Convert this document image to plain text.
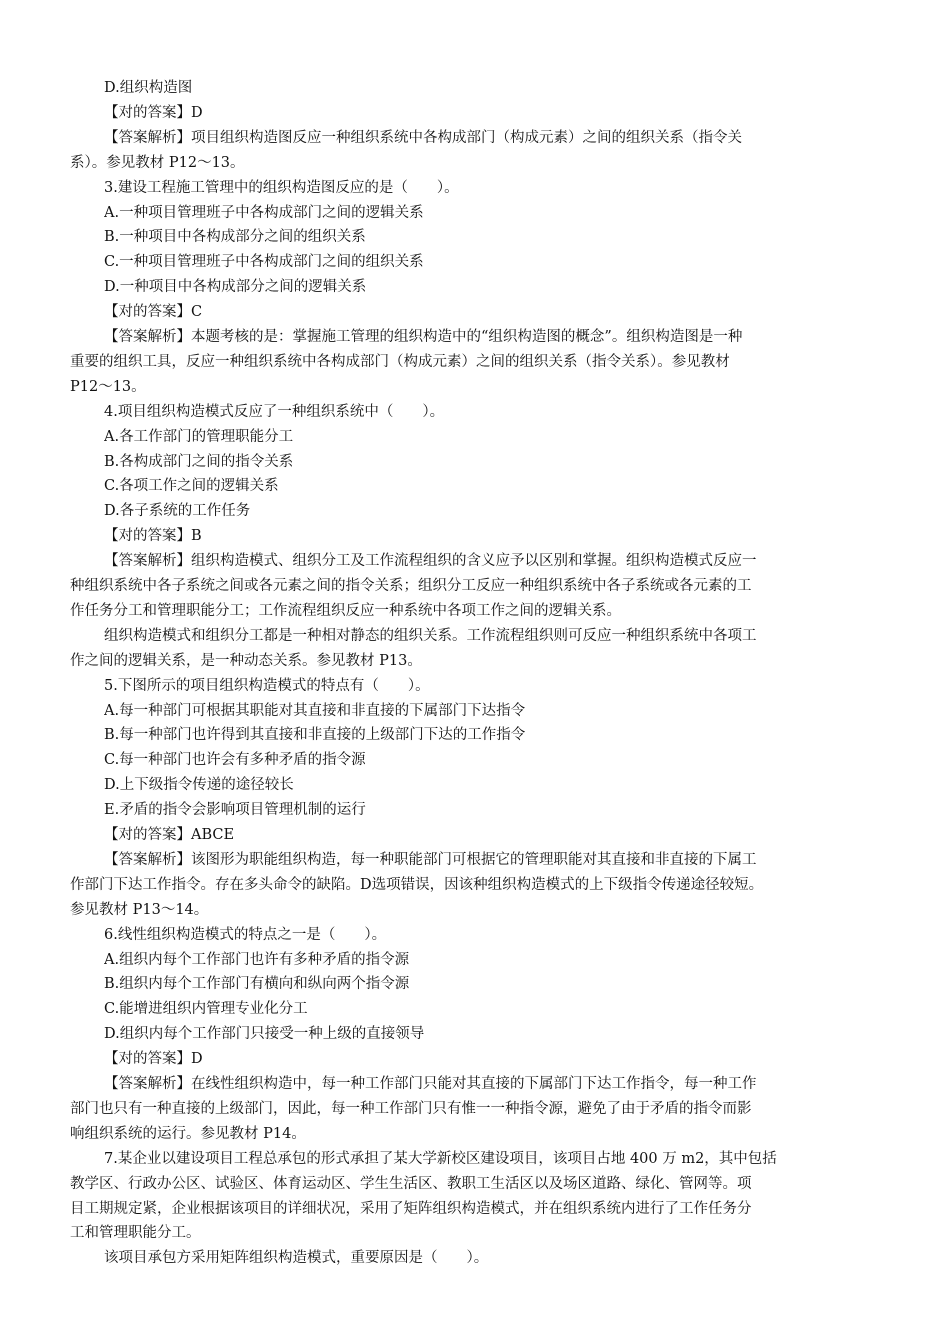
D.组织构造图
【对的答案】D
【答案解析】项目组织构造图反应一种组织系统中各构成部门（构成元素）之间的组织关系（指令关
系）。参见教材 P12～13。
3.建设工程施工管理中的组织构造图反应的是（　　）。
A.一种项目管理班子中各构成部门之间的逻辑关系
B.一种项目中各构成部分之间的组织关系
C.一种项目管理班子中各构成部门之间的组织关系
D.一种项目中各构成部分之间的逻辑关系
【对的答案】C
【答案解析】本题考核的是：掌握施工管理的组织构造中的“组织构造图的概念”。组织构造图是一种
重要的组织工具，反应一种组织系统中各构成部门（构成元素）之间的组织关系（指令关系）。参见教材
P12～13。
4.项目组织构造模式反应了一种组织系统中（　　）。
A.各工作部门的管理职能分工
B.各构成部门之间的指令关系
C.各项工作之间的逻辑关系
D.各子系统的工作任务
【对的答案】B
【答案解析】组织构造模式、组织分工及工作流程组织的含义应予以区别和掌握。组织构造模式反应一
种组织系统中各子系统之间或各元素之间的指令关系；组织分工反应一种组织系统中各子系统或各元素的工
作任务分工和管理职能分工；工作流程组织反应一种系统中各项工作之间的逻辑关系。
组织构造模式和组织分工都是一种相对静态的组织关系。工作流程组织则可反应一种组织系统中各项工
作之间的逻辑关系，是一种动态关系。参见教材 P13。
5.下图所示的项目组织构造模式的特点有（　　）。
A.每一种部门可根据其职能对其直接和非直接的下属部门下达指令
B.每一种部门也许得到其直接和非直接的上级部门下达的工作指令
C.每一种部门也许会有多种矛盾的指令源
D.上下级指令传递的途径较长
E.矛盾的指令会影响项目管理机制的运行
【对的答案】ABCE
【答案解析】该图形为职能组织构造，每一种职能部门可根据它的管理职能对其直接和非直接的下属工
作部门下达工作指令。存在多头命令的缺陷。D选项错误，因该种组织构造模式的上下级指令传递途径较短。
参见教材 P13～14。
6.线性组织构造模式的特点之一是（　　）。
A.组织内每个工作部门也许有多种矛盾的指令源
B.组织内每个工作部门有横向和纵向两个指令源
C.能增进组织内管理专业化分工
D.组织内每个工作部门只接受一种上级的直接领导
【对的答案】D
【答案解析】在线性组织构造中，每一种工作部门只能对其直接的下属部门下达工作指令，每一种工作
部门也只有一种直接的上级部门，因此，每一种工作部门只有惟一一种指令源，避免了由于矛盾的指令而影
响组织系统的运行。参见教材 P14。
7.某企业以建设项目工程总承包的形式承担了某大学新校区建设项目，该项目占地 400 万 m2，其中包括
教学区、行政办公区、试验区、体育运动区、学生生活区、教职工生活区以及场区道路、绿化、管网等。项
目工期规定紧，企业根据该项目的详细状况，采用了矩阵组织构造模式，并在组织系统内进行了工作任务分
工和管理职能分工。
该项目承包方采用矩阵组织构造模式，重要原因是（　　）。
